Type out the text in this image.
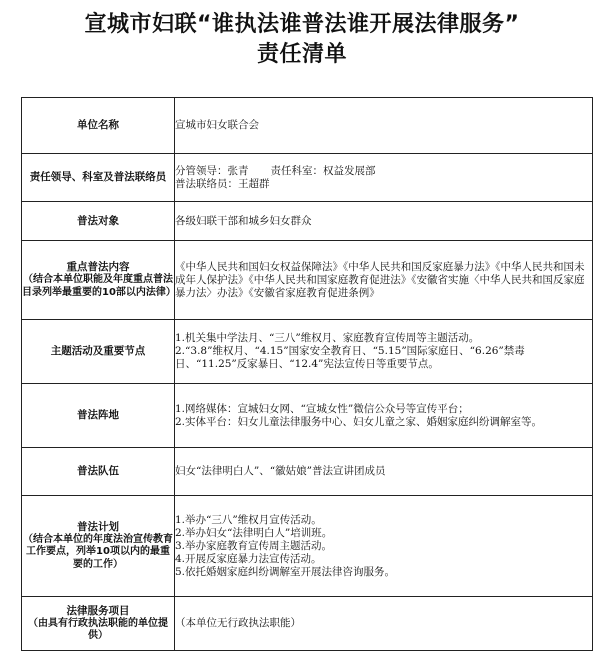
宣城市妇联“谁执法谁普法谁开展法律服务”
责任清单
单位名称	宣城市妇女联合会
责任领导、科室及普法联络员	分管领导：张青 责任科室：权益发展部
普法联络员：王超群

普法对象	各级妇联干部和城乡妇女群众
重点普法内容
（结合本单位职能及年度重点普法目录列举最重要的10部以内法律）	《中华人民共和国妇女权益保障法》《中华人民共和国反家庭暴力法》《中华人民共和国未成年人保护法》《中华人民共和国家庭教育促进法》《安徽省实施〈中华人民共和国反家庭暴力法〉办法》《安徽省家庭教育促进条例》

主题活动及重要节点	1.机关集中学法月、“三八”维权月、家庭教育宣传周等主题活动。
2.“3.8”维权月、“4.15”国家安全教育日、“5.15”国际家庭日、“6.26”禁毒日、“11.25”反家暴日、“12.4”宪法宣传日等重要节点。

普法阵地	1.网络媒体：宣城妇女网、“宣城女性”微信公众号等宣传平台；
2.实体平台：妇女儿童法律服务中心、妇女儿童之家、婚姻家庭纠纷调解室等。

普法队伍	妇女“法律明白人”、“徽姑娘”普法宣讲团成员
普法计划
（结合本单位的年度法治宣传教育工作要点，列举10项以内的最重要的工作）	1.举办“三八”维权月宣传活动。
2.举办妇女“法律明白人”培训班。
3.举办家庭教育宣传周主题活动。
4.开展反家庭暴力法宣传活动。
5.依托婚姻家庭纠纷调解室开展法律咨询服务。

法律服务项目
（由具有行政执法职能的单位提供）	（本单位无行政执法职能）
